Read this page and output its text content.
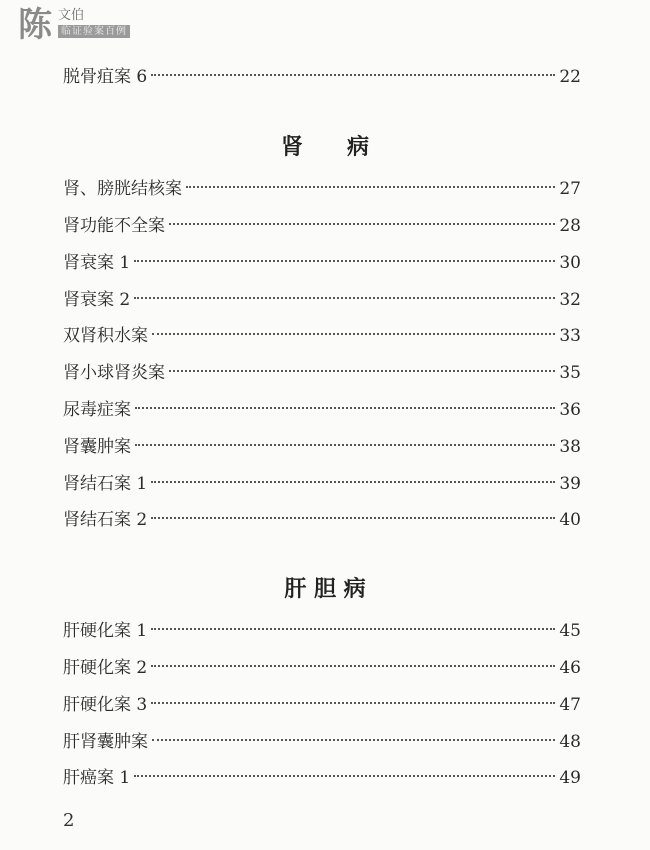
陈 文伯
临证验案百例
脱骨疽案 6	22
肾、膀胱结核案	27
肾功能不全案	28
肾衰案 1	30
肾衰案 2	32
双肾积水案	33
肾小球肾炎案	35
尿毒症案	36
肾囊肿案	38
肾结石案 1	39
肾结石案 2	40
肝硬化案 1	45
肝硬化案 2	46
肝硬化案 3	47
肝肾囊肿案	48
肝癌案 1	49
肾　　病
肝 胆 病
2
